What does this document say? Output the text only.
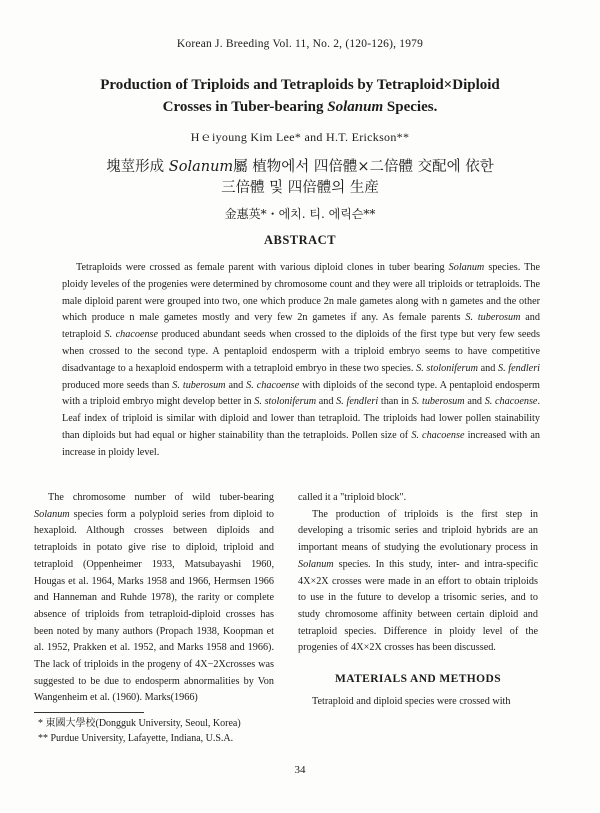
Korean J. Breeding Vol. 11, No. 2, (120-126), 1979
Production of Triploids and Tetraploids by Tetraploid×Diploid
Crosses in Tuber-bearing Solanum Species.
Hｅiyoung Kim Lee* and H.T. Erickson**
塊莖形成 Solanum屬 植物에서 四倍體×二倍體 交配에 依한
三倍體 및 四倍體의 生産
金惠英*・에치. 티. 에릭슨**
ABSTRACT
Tetraploids were crossed as female parent with various diploid clones in tuber bearing Solanum species. The ploidy leveles of the progenies were determined by chromosome count and they were all triploids or tetraploids. The male diploid parent were grouped into two, one which produce 2n male gametes along with n gametes and the other which produce n male gametes mostly and very few 2n gametes if any. As female parents S. tuberosum and tetraploid S. chacoense produced abundant seeds when crossed to the diploids of the first type but very few seeds when crossed to the second type. A pentaploid endosperm with a triploid embryo seems to have competitive disadvantage to a hexaploid endosperm with a tetraploid embryo in these two species. S. stoloniferum and S. fendleri produced more seeds than S. tuberosum and S. chacoense with diploids of the second type. A pentaploid endosperm with a triploid embryo might develop better in S. stoloniferum and S. fendleri than in S. tuberosum and S. chacoense. Leaf index of triploid is similar with diploid and lower than tetraploid. The triploids had lower pollen stainability than diploids but had equal or higher stainability than the tetraploids. Pollen size of S. chacoense increased with an increase in ploidy level.

The chromosome number of wild tuber-bearing Solanum species form a polyploid series from diploid to hexaploid. Although crosses between diploids and tetraploids in potato give rise to diploid, triploid and tetraploid (Oppenheimer 1933, Matsubayashi 1960, Hougas et al. 1964, Marks 1958 and 1966, Hermsen 1966 and Hanneman and Ruhde 1978), the rarity or complete absence of triploids from tetraploid-diploid crosses has been noted by many authors (Propach 1938, Koopman et al. 1952, Prakken et al. 1952, and Marks 1958 and 1966). The lack of triploids in the progeny of 4X−2Xcrosses was suggested to be due to endosperm abnormalities by Von Wangenheim et al. (1960). Marks(1966)

called it a "triploid block".

The production of triploids is the first step in developing a trisomic series and triploid hybrids are an important means of studying the evolutionary process in Solanum species. In this study, inter- and intra-specific 4X×2X crosses were made in an effort to obtain triploids to use in the future to develop a trisomic series, and to study chromosome affinity between certain diploid and tetraploid species. Difference in ploidy level of the progenies of 4X×2X crosses has been discussed.

MATERIALS AND METHODS

Tetraploid and diploid species were crossed with

* 東國大學校(Dongguk University, Seoul, Korea)
** Purdue University, Lafayette, Indiana, U.S.A.
34
